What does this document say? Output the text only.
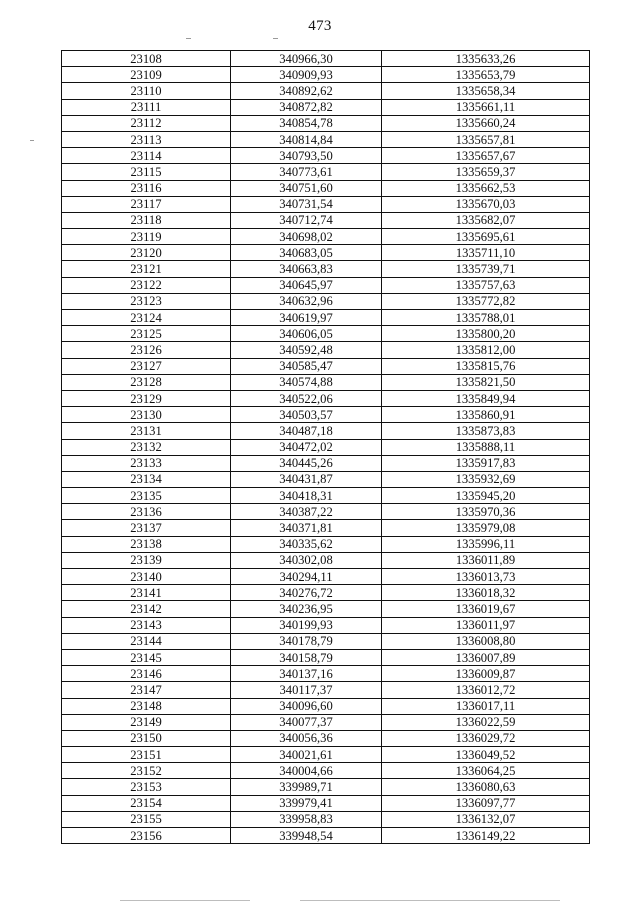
473
23108	340966,30	1335633,26
23109	340909,93	1335653,79
23110	340892,62	1335658,34
23111	340872,82	1335661,11
23112	340854,78	1335660,24
23113	340814,84	1335657,81
23114	340793,50	1335657,67
23115	340773,61	1335659,37
23116	340751,60	1335662,53
23117	340731,54	1335670,03
23118	340712,74	1335682,07
23119	340698,02	1335695,61
23120	340683,05	1335711,10
23121	340663,83	1335739,71
23122	340645,97	1335757,63
23123	340632,96	1335772,82
23124	340619,97	1335788,01
23125	340606,05	1335800,20
23126	340592,48	1335812,00
23127	340585,47	1335815,76
23128	340574,88	1335821,50
23129	340522,06	1335849,94
23130	340503,57	1335860,91
23131	340487,18	1335873,83
23132	340472,02	1335888,11
23133	340445,26	1335917,83
23134	340431,87	1335932,69
23135	340418,31	1335945,20
23136	340387,22	1335970,36
23137	340371,81	1335979,08
23138	340335,62	1335996,11
23139	340302,08	1336011,89
23140	340294,11	1336013,73
23141	340276,72	1336018,32
23142	340236,95	1336019,67
23143	340199,93	1336011,97
23144	340178,79	1336008,80
23145	340158,79	1336007,89
23146	340137,16	1336009,87
23147	340117,37	1336012,72
23148	340096,60	1336017,11
23149	340077,37	1336022,59
23150	340056,36	1336029,72
23151	340021,61	1336049,52
23152	340004,66	1336064,25
23153	339989,71	1336080,63
23154	339979,41	1336097,77
23155	339958,83	1336132,07
23156	339948,54	1336149,22
